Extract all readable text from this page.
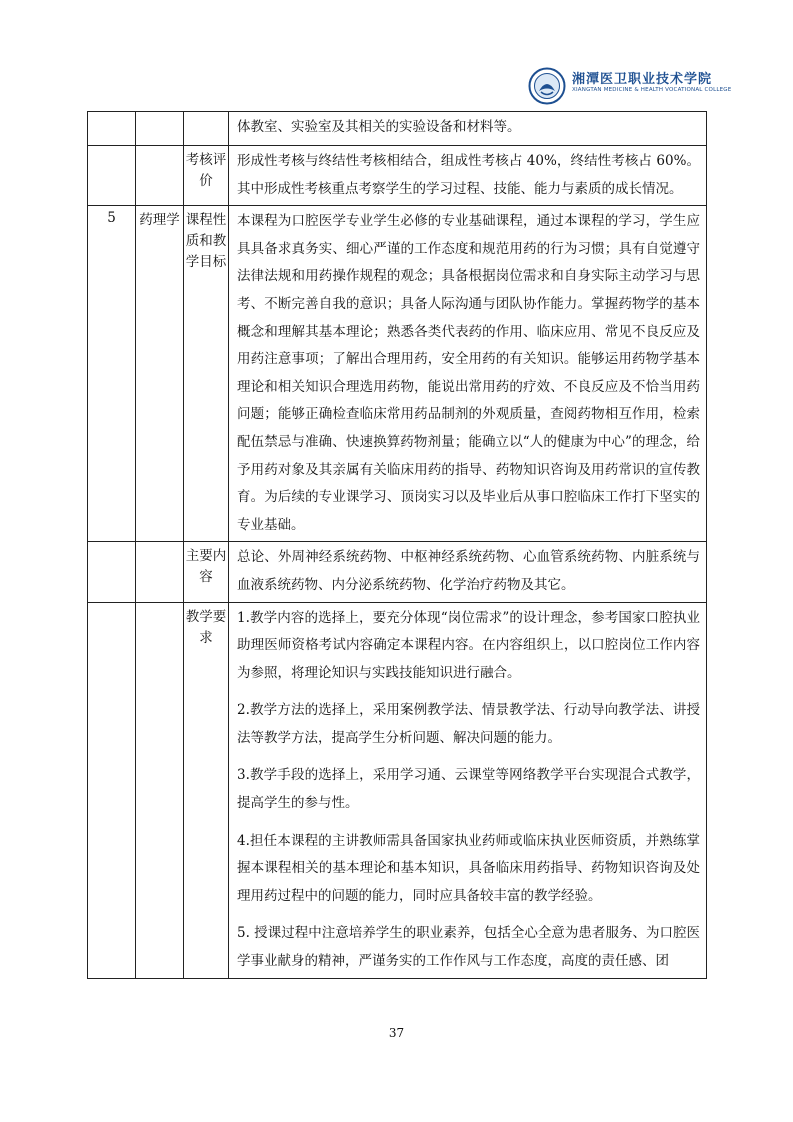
湘潭医卫职业技术学院
XIANGTAN MEDICINE & HEALTH VOCATIONAL COLLEGE
			体教室、实验室及其相关的实验设备和材料等。
		考核评价	形成性考核与终结性考核相结合，组成性考核占 40%，终结性考核占 60%。其中形成性考核重点考察学生的学习过程、技能、能力与素质的成长情况。
5	药理学	课程性质和教学目标	本课程为口腔医学专业学生必修的专业基础课程，通过本课程的学习，学生应具具备求真务实、细心严谨的工作态度和规范用药的行为习惯；具有自觉遵守法律法规和用药操作规程的观念；具备根据岗位需求和自身实际主动学习与思考、不断完善自我的意识；具备人际沟通与团队协作能力。掌握药物学的基本概念和理解其基本理论；熟悉各类代表药的作用、临床应用、常见不良反应及用药注意事项；了解出合理用药，安全用药的有关知识。能够运用药物学基本理论和相关知识合理选用药物，能说出常用药的疗效、不良反应及不恰当用药问题；能够正确检查临床常用药品制剂的外观质量，查阅药物相互作用，检索配伍禁忌与准确、快速换算药物剂量；能确立以“人的健康为中心”的理念，给予用药对象及其亲属有关临床用药的指导、药物知识咨询及用药常识的宣传教育。为后续的专业课学习、顶岗实习以及毕业后从事口腔临床工作打下坚实的专业基础。
		主要内容	总论、外周神经系统药物、中枢神经系统药物、心血管系统药物、内脏系统与血液系统药物、内分泌系统药物、化学治疗药物及其它。
		教学要求	1.教学内容的选择上，要充分体现“岗位需求”的设计理念，参考国家口腔执业助理医师资格考试内容确定本课程内容。在内容组织上，以口腔岗位工作内容为参照，将理论知识与实践技能知识进行融合。
2.教学方法的选择上，采用案例教学法、情景教学法、行动导向教学法、讲授法等教学方法，提高学生分析问题、解决问题的能力。
3.教学手段的选择上，采用学习通、云课堂等网络教学平台实现混合式教学，提高学生的参与性。
4.担任本课程的主讲教师需具备国家执业药师或临床执业医师资质，并熟练掌握本课程相关的基本理论和基本知识，具备临床用药指导、药物知识咨询及处理用药过程中的问题的能力，同时应具备较丰富的教学经验。
5. 授课过程中注意培养学生的职业素养，包括全心全意为患者服务、为口腔医学事业献身的精神，严谨务实的工作作风与工作态度，高度的责任感、团
37
